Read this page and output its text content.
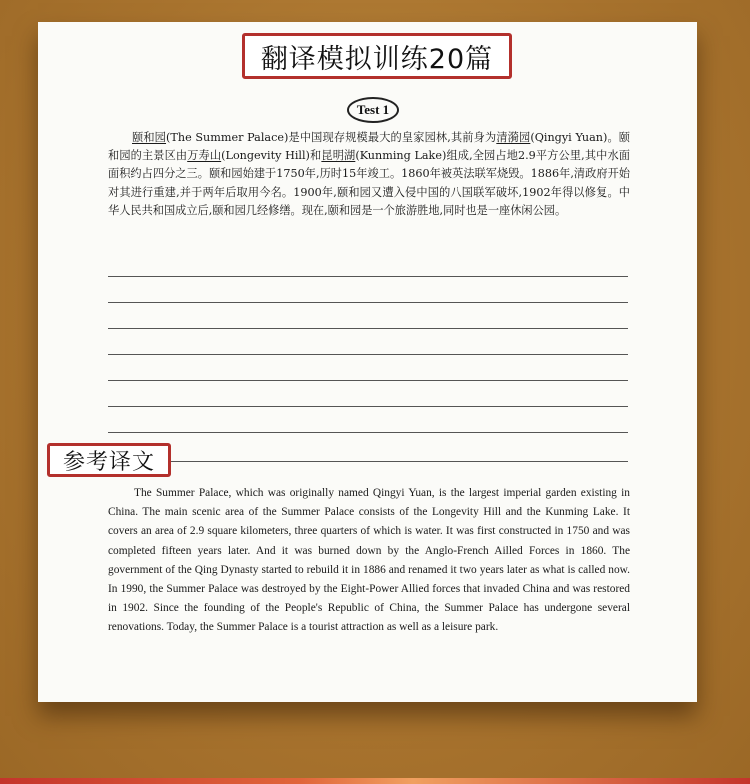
翻译模拟训练20篇
Test 1

颐和园(The Summer Palace)是中国现存规模最大的皇家园林,其前身为清漪园(Qingyi Yuan)。颐和园的主景区由万寿山(Longevity Hill)和昆明湖(Kunming Lake)组成,全园占地2.9平方公里,其中水面面积约占四分之三。颐和园始建于1750年,历时15年竣工。1860年被英法联军烧毁。1886年,清政府开始对其进行重建,并于两年后取用今名。1900年,颐和园又遭入侵中国的八国联军破坏,1902年得以修复。中华人民共和国成立后,颐和园几经修缮。现在,颐和园是一个旅游胜地,同时也是一座休闲公园。

参考译文

The Summer Palace, which was originally named Qingyi Yuan, is the largest imperial garden existing in China. The main scenic area of the Summer Palace consists of the Longevity Hill and the Kunming Lake. It covers an area of 2.9 square kilometers, three quarters of which is water. It was first constructed in 1750 and was completed fifteen years later. And it was burned down by the Anglo-French Ailled Forces in 1860. The government of the Qing Dynasty started to rebuild it in 1886 and renamed it two years later as what is called now. In 1990, the Summer Palace was destroyed by the Eight-Power Allied forces that invaded China and was restored in 1902. Since the founding of the People's Republic of China, the Summer Palace has undergone several renovations. Today, the Summer Palace is a tourist attraction as well as a leisure park.
